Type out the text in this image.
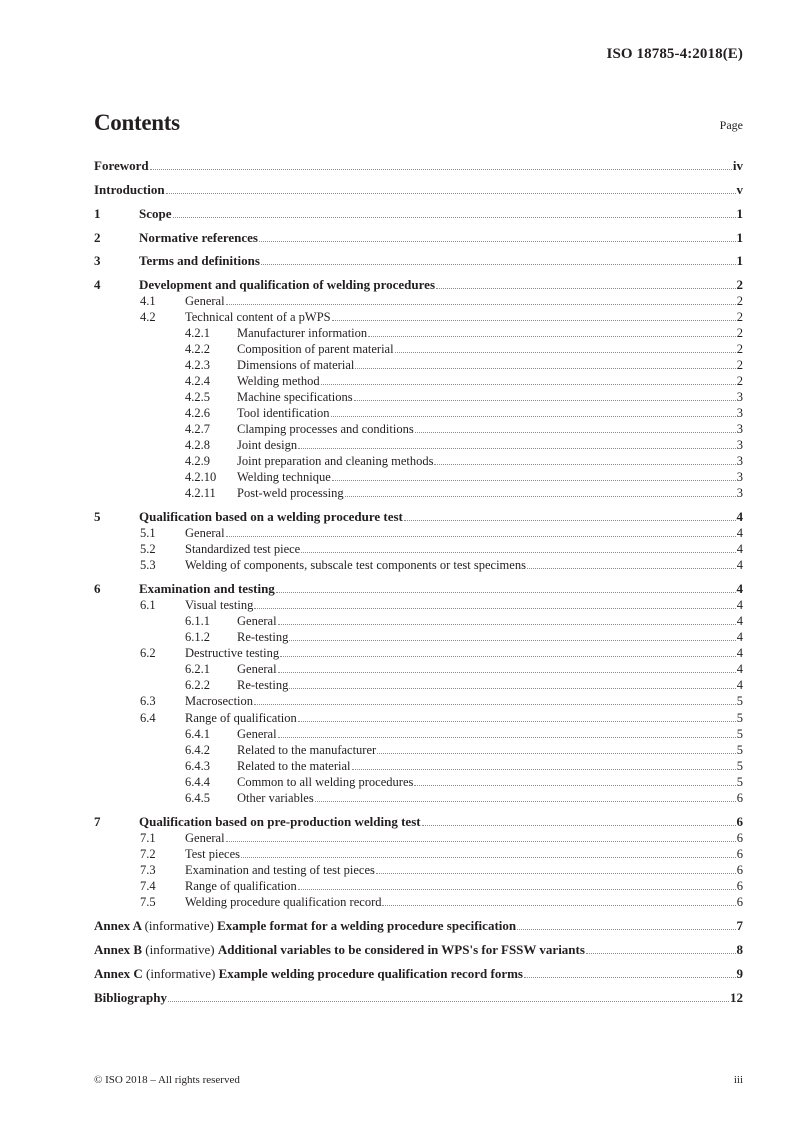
ISO 18785-4:2018(E)
Contents	Page
Foreword	iv
Introduction	v
1	Scope	1
2	Normative references	1
3	Terms and definitions	1
4	Development and qualification of welding procedures	2
4.1	General	2
4.2	Technical content of a pWPS	2
4.2.1	Manufacturer information	2
4.2.2	Composition of parent material	2
4.2.3	Dimensions of material	2
4.2.4	Welding method	2
4.2.5	Machine specifications	3
4.2.6	Tool identification	3
4.2.7	Clamping processes and conditions	3
4.2.8	Joint design	3
4.2.9	Joint preparation and cleaning methods	3
4.2.10	Welding technique	3
4.2.11	Post-weld processing	3
5	Qualification based on a welding procedure test	4
5.1	General	4
5.2	Standardized test piece	4
5.3	Welding of components, subscale test components or test specimens	4
6	Examination and testing	4
6.1	Visual testing	4
6.1.1	General	4
6.1.2	Re-testing	4
6.2	Destructive testing	4
6.2.1	General	4
6.2.2	Re-testing	4
6.3	Macrosection	5
6.4	Range of qualification	5
6.4.1	General	5
6.4.2	Related to the manufacturer	5
6.4.3	Related to the material	5
6.4.4	Common to all welding procedures	5
6.4.5	Other variables	6
7	Qualification based on pre-production welding test	6
7.1	General	6
7.2	Test pieces	6
7.3	Examination and testing of test pieces	6
7.4	Range of qualification	6
7.5	Welding procedure qualification record	6
Annex A (informative) Example format for a welding procedure specification	7
Annex B (informative) Additional variables to be considered in WPS's for FSSW variants	8
Annex C (informative) Example welding procedure qualification record forms	9
Bibliography	12
© ISO 2018 – All rights reserved	iii
